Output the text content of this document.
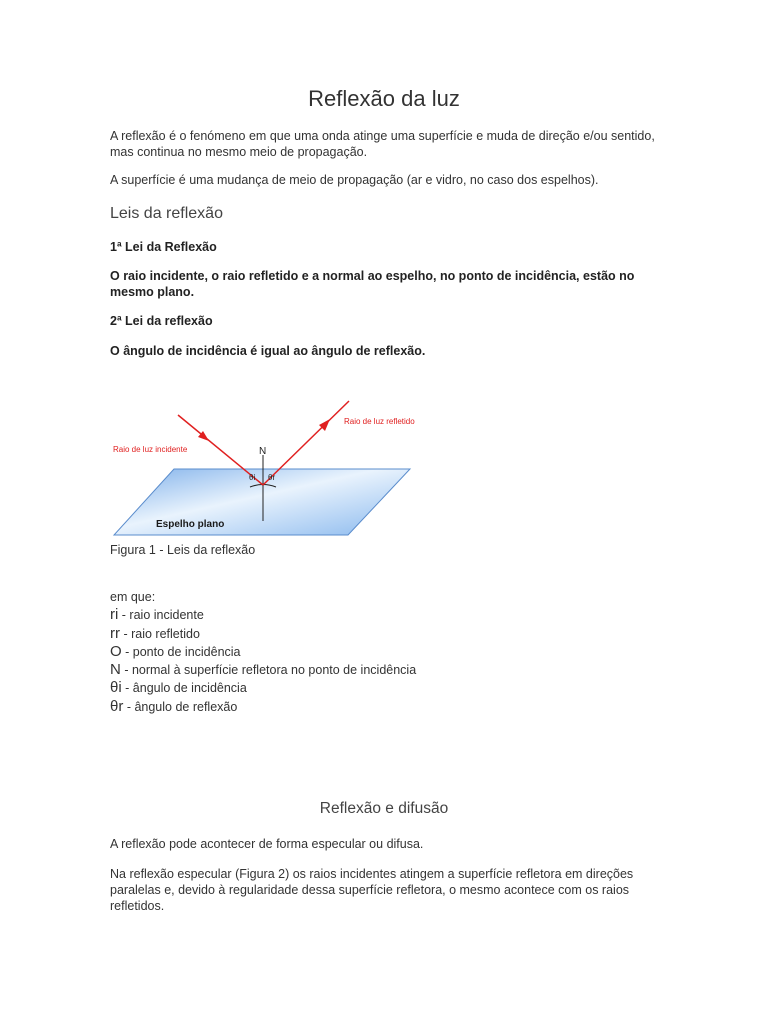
Reflexão da luz

A reflexão é o fenómeno em que uma onda atinge uma superfície e muda de direção e/ou sentido, mas continua no mesmo meio de propagação.

A superfície é uma mudança de meio de propagação (ar e vidro, no caso dos espelhos).

Leis da reflexão

1ª Lei da Reflexão

O raio incidente, o raio refletido e a normal ao espelho, no ponto de incidência, estão no mesmo plano.

2ª Lei da reflexão

O ângulo de incidência é igual ao ângulo de reflexão.

Raio de luz incidente
Raio de luz refletido
N
θi θr
Espelho plano

Figura 1 - Leis da reflexão

em que:
ri - raio incidente
rr - raio refletido
O - ponto de incidência
N - normal à superfície refletora no ponto de incidência
θi - ângulo de incidência
θr - ângulo de reflexão
Reflexão e difusão

A reflexão pode acontecer de forma especular ou difusa.

Na reflexão especular (Figura 2) os raios incidentes atingem a superfície refletora em direções paralelas e, devido à regularidade dessa superfície refletora, o mesmo acontece com os raios refletidos.
